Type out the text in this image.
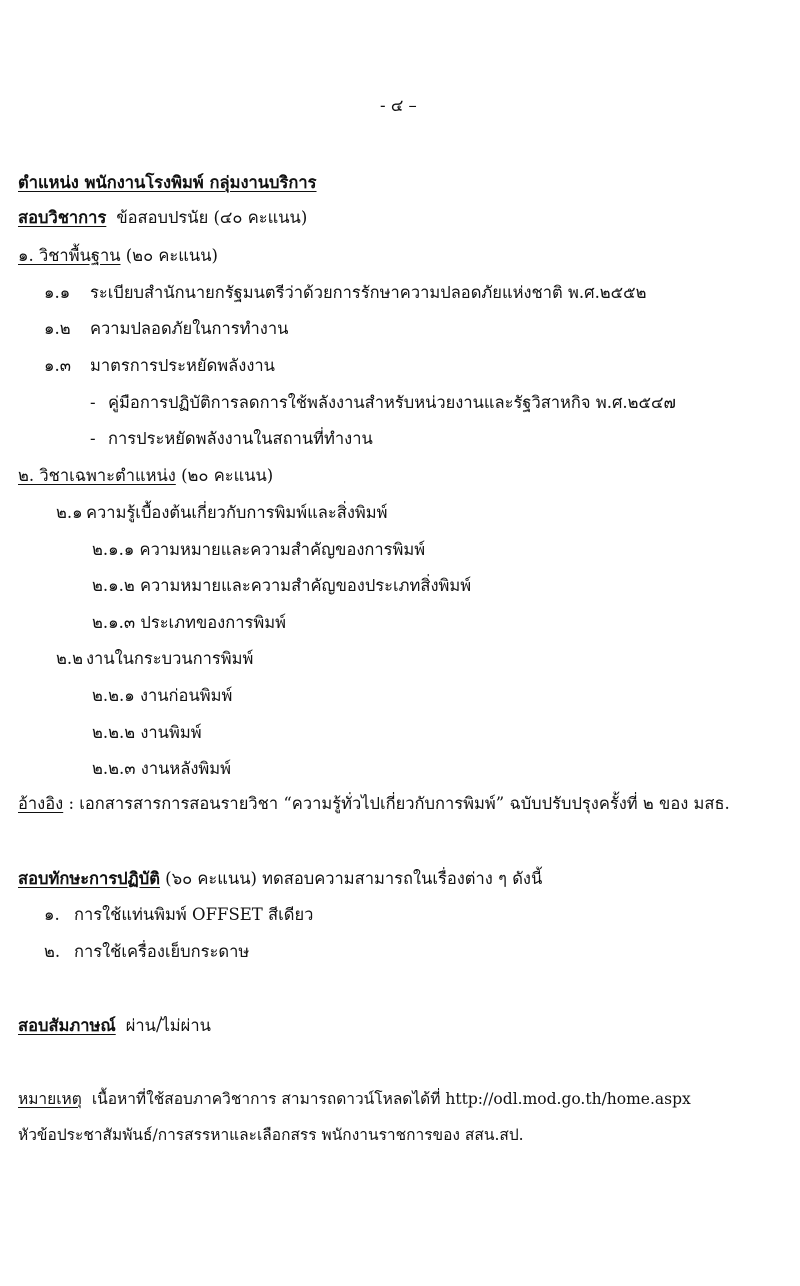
- ๔ –
ตำแหน่ง พนักงานโรงพิมพ์ กลุ่มงานบริการ
สอบวิชาการ ข้อสอบปรนัย (๔๐ คะแนน)
๑. วิชาพื้นฐาน (๒๐ คะแนน)
๑.๑ ระเบียบสำนักนายกรัฐมนตรีว่าด้วยการรักษาความปลอดภัยแห่งชาติ พ.ศ.๒๕๕๒
๑.๒ ความปลอดภัยในการทำงาน
๑.๓ มาตรการประหยัดพลังงาน
- คู่มือการปฏิบัติการลดการใช้พลังงานสำหรับหน่วยงานและรัฐวิสาหกิจ พ.ศ.๒๕๔๗
- การประหยัดพลังงานในสถานที่ทำงาน
๒. วิชาเฉพาะตำแหน่ง (๒๐ คะแนน)
๒.๑ ความรู้เบื้องต้นเกี่ยวกับการพิมพ์และสิ่งพิมพ์
๒.๑.๑ ความหมายและความสำคัญของการพิมพ์
๒.๑.๒ ความหมายและความสำคัญของประเภทสิ่งพิมพ์
๒.๑.๓ ประเภทของการพิมพ์
๒.๒ งานในกระบวนการพิมพ์
๒.๒.๑ งานก่อนพิมพ์
๒.๒.๒ งานพิมพ์
๒.๒.๓ งานหลังพิมพ์
อ้างอิง : เอกสารสารการสอนรายวิชา “ความรู้ทั่วไปเกี่ยวกับการพิมพ์” ฉบับปรับปรุงครั้งที่ ๒ ของ มสธ.
สอบทักษะการปฏิบัติ (๖๐ คะแนน) ทดสอบความสามารถในเรื่องต่าง ๆ ดังนี้
๑. การใช้แท่นพิมพ์ OFFSET สีเดียว
๒. การใช้เครื่องเย็บกระดาษ
สอบสัมภาษณ์ ผ่าน/ไม่ผ่าน
หมายเหตุ เนื้อหาที่ใช้สอบภาควิชาการ สามารถดาวน์โหลดได้ที่ http://odl.mod.go.th/home.aspx
หัวข้อประชาสัมพันธ์/การสรรหาและเลือกสรร พนักงานราชการของ สสน.สป.
